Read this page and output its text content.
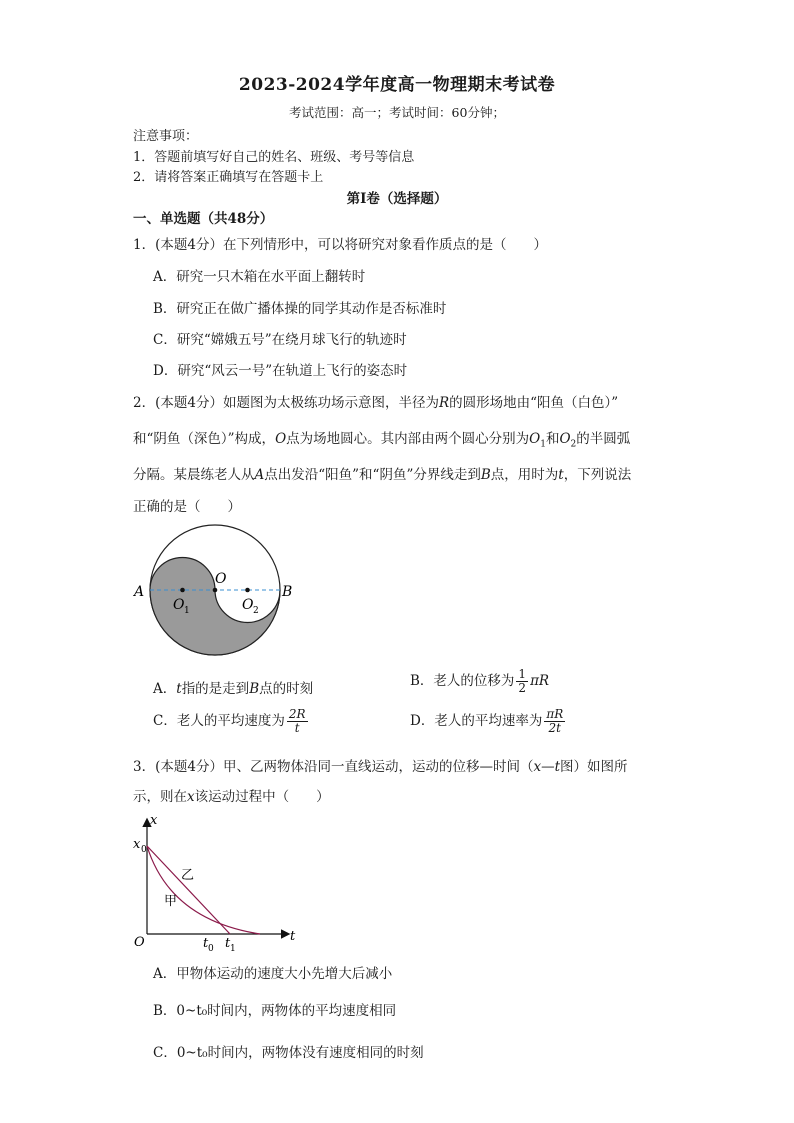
2023-2024学年度高一物理期末考试卷
考试范围：高一；考试时间：60分钟；
注意事项：
1．答题前填写好自己的姓名、班级、考号等信息
2．请将答案正确填写在答题卡上
第I卷（选择题）
一、单选题（共48分）
1．(本题4分）在下列情形中，可以将研究对象看作质点的是（　　）
A．研究一只木箱在水平面上翻转时
B．研究正在做广播体操的同学其动作是否标准时
C．研究“嫦娥五号”在绕月球飞行的轨迹时
D．研究“风云一号”在轨道上飞行的姿态时
2．(本题4分）如题图为太极练功场示意图，半径为R的圆形场地由“阳鱼（白色）”
和“阴鱼（深色）”构成，O点为场地圆心。其内部由两个圆心分别为$O_1$和$O_2$的半圆弧
分隔。某晨练老人从A点出发沿“阳鱼”和“阴鱼”分界线走到B点，用时为t，下列说法
正确的是（　　）
A	B
O
O 1	O 2
A．t指的是走到B点的时刻	B．老人的位移为 $\frac{1}{2}$ πR
C．老人的平均速度为 $\frac{2R}{t}$	D．老人的平均速率为 $\frac{\pi R}{2t}$
3．(本题4分）甲、乙两物体沿同一直线运动，运动的位移—时间（x—t图）如图所
示，则在x该运动过程中（　　）
x
t
O
x 0
t 0 t 1
甲
乙
A．甲物体运动的速度大小先增大后减小
B．0~t₀时间内，两物体的平均速度相同
C．0~t₀时间内，两物体没有速度相同的时刻
